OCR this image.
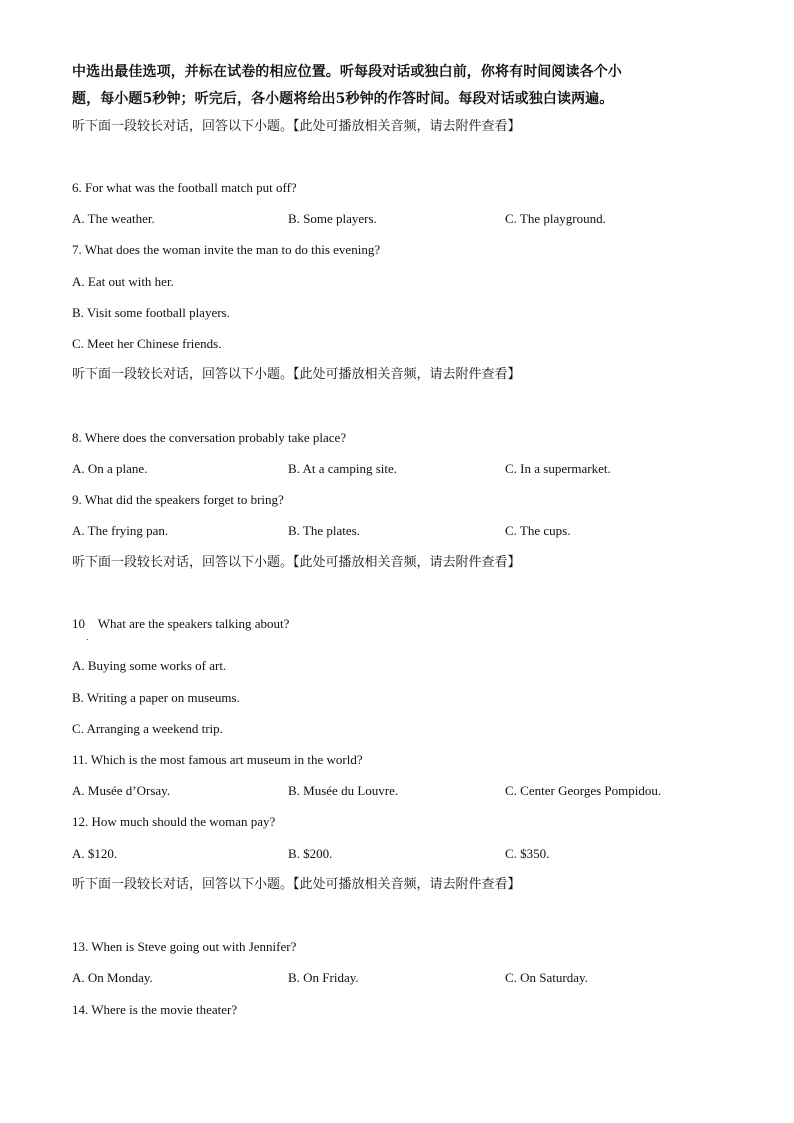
中选出最佳选项，并标在试卷的相应位置。听每段对话或独白前，你将有时间阅读各个小
题，每小题5秒钟；听完后，各小题将给出5秒钟的作答时间。每段对话或独白读两遍。
听下面一段较长对话，回答以下小题。【此处可播放相关音频，请去附件查看】
6. For what was the football match put off?
A. The weather.	B. Some players.	C. The playground.
7. What does the woman invite the man to do this evening?
A. Eat out with her.
B. Visit some football players.
C. Meet her Chinese friends.
听下面一段较长对话，回答以下小题。【此处可播放相关音频，请去附件查看】
8. Where does the conversation probably take place?
A. On a plane.	B. At a camping site.	C. In a supermarket.
9. What did the speakers forget to bring?
A. The frying pan.	B. The plates.	C. The cups.
听下面一段较长对话，回答以下小题。【此处可播放相关音频，请去附件查看】
10    What are the speakers talking about?
.
A. Buying some works of art.
B. Writing a paper on museums.
C. Arranging a weekend trip.
11. Which is the most famous art museum in the world?
A. Musée d’Orsay.	B. Musée du Louvre.	C. Center Georges Pompidou.
12. How much should the woman pay?
A. $120.	B. $200.	C. $350.
听下面一段较长对话，回答以下小题。【此处可播放相关音频，请去附件查看】
13. When is Steve going out with Jennifer?
A. On Monday.	B. On Friday.	C. On Saturday.
14. Where is the movie theater?
